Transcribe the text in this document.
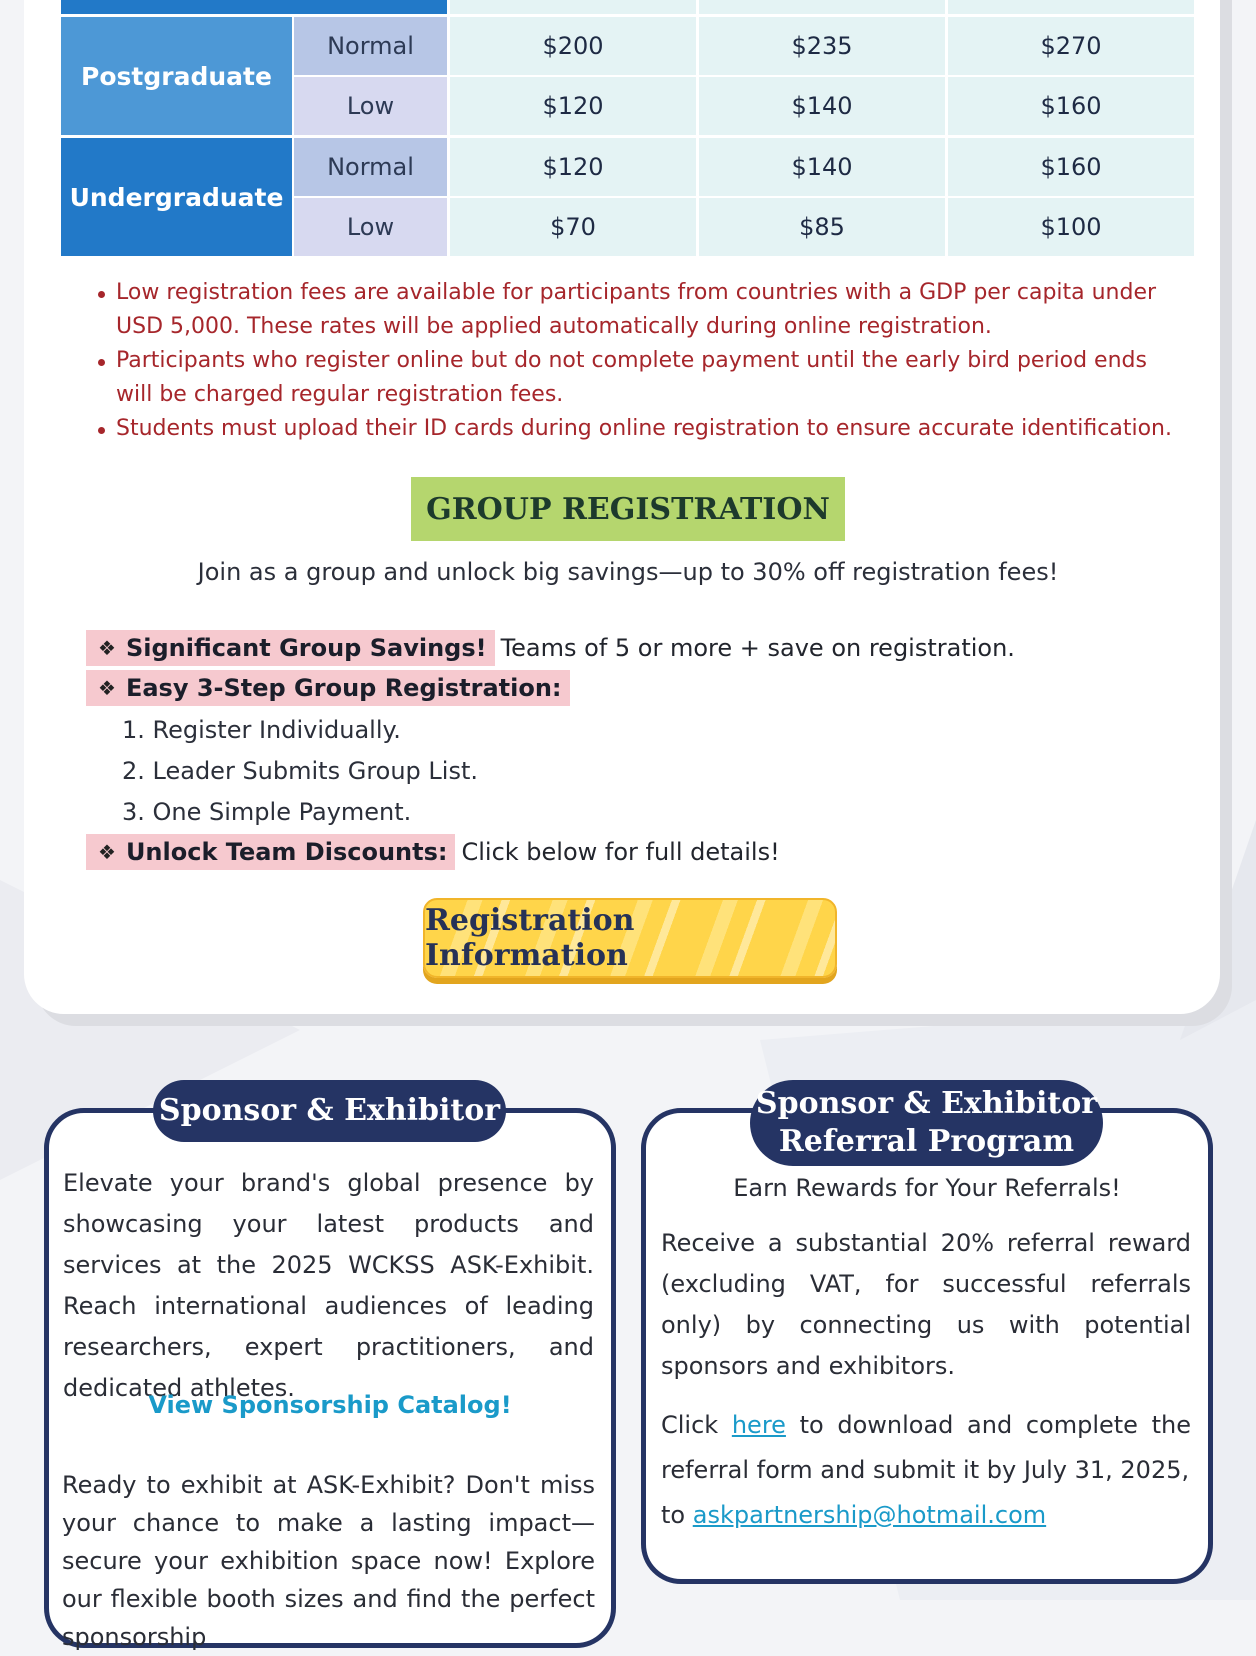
Postgraduate
Normal	$200	$235	$270
Low	$120	$140	$160
Undergraduate
Normal	$120	$140	$160
Low	$70	$85	$100
Low registration fees are available for participants from countries with a GDP per capita under USD 5,000. These rates will be applied automatically during online registration.
Participants who register online but do not complete payment until the early bird period ends will be charged regular registration fees.
Students must upload their ID cards during online registration to ensure accurate identification.
GROUP REGISTRATION
Join as a group and unlock big savings—up to 30% off registration fees!
❖ Significant Group Savings! Teams of 5 or more + save on registration.
❖ Easy 3-Step Group Registration:
1. Register Individually.
2. Leader Submits Group List.
3. One Simple Payment.
❖ Unlock Team Discounts: Click below for full details!
Registration Information
Sponsor & Exhibitor
Elevate your brand's global presence by showcasing your latest products and services at the 2025 WCKSS ASK-Exhibit. Reach international audiences of leading researchers, expert practitioners, and dedicated athletes.
View Sponsorship Catalog!
Ready to exhibit at ASK-Exhibit? Don't miss your chance to make a lasting impact—secure your exhibition space now! Explore our flexible booth sizes and find the perfect sponsorship
Sponsor & Exhibitor
Referral Program
Earn Rewards for Your Referrals!
Receive a substantial 20% referral reward (excluding VAT, for successful referrals only) by connecting us with potential sponsors and exhibitors.
Click here to download and complete the referral form and submit it by July 31, 2025,
to askpartnership@hotmail.com
